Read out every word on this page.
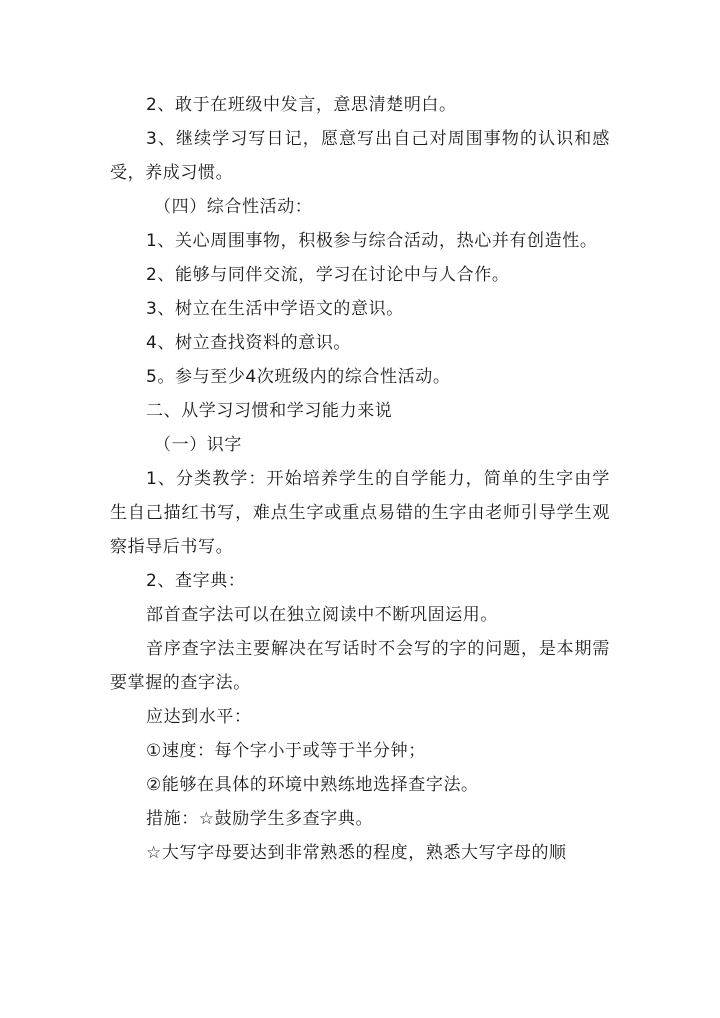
2、敢于在班级中发言，意思清楚明白。

3、继续学习写日记，愿意写出自己对周围事物的认识和感受，养成习惯。

（四）综合性活动：

1、关心周围事物，积极参与综合活动，热心并有创造性。

2、能够与同伴交流，学习在讨论中与人合作。

3、树立在生活中学语文的意识。

4、树立查找资料的意识。

5。参与至少4次班级内的综合性活动。

二、从学习习惯和学习能力来说

（一）识字

1、分类教学：开始培养学生的自学能力，简单的生字由学生自己描红书写，难点生字或重点易错的生字由老师引导学生观察指导后书写。

2、查字典：

部首查字法可以在独立阅读中不断巩固运用。

音序查字法主要解决在写话时不会写的字的问题，是本期需要掌握的查字法。

应达到水平：

①速度：每个字小于或等于半分钟；

②能够在具体的环境中熟练地选择查字法。

措施：☆鼓励学生多查字典。

☆大写字母要达到非常熟悉的程度，熟悉大写字母的顺
